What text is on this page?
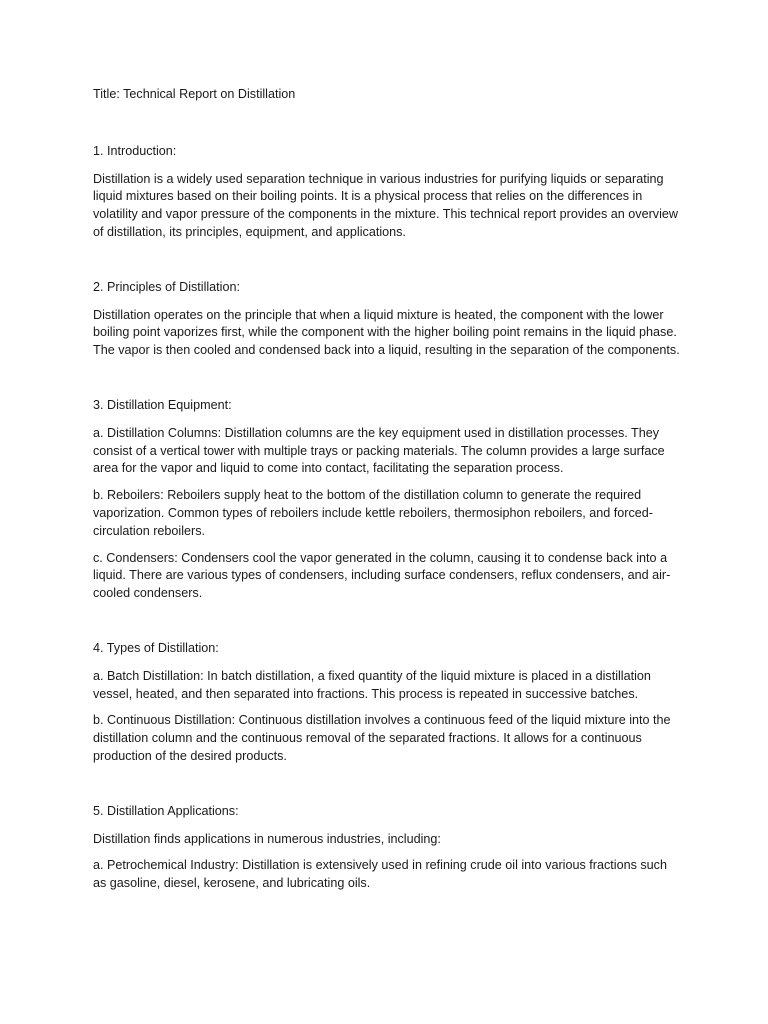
Title: Technical Report on Distillation

1. Introduction:

Distillation is a widely used separation technique in various industries for purifying liquids or separating liquid mixtures based on their boiling points. It is a physical process that relies on the differences in volatility and vapor pressure of the components in the mixture. This technical report provides an overview of distillation, its principles, equipment, and applications.

2. Principles of Distillation:

Distillation operates on the principle that when a liquid mixture is heated, the component with the lower boiling point vaporizes first, while the component with the higher boiling point remains in the liquid phase. The vapor is then cooled and condensed back into a liquid, resulting in the separation of the components.

3. Distillation Equipment:

a. Distillation Columns: Distillation columns are the key equipment used in distillation processes. They consist of a vertical tower with multiple trays or packing materials. The column provides a large surface area for the vapor and liquid to come into contact, facilitating the separation process.

b. Reboilers: Reboilers supply heat to the bottom of the distillation column to generate the required vaporization. Common types of reboilers include kettle reboilers, thermosiphon reboilers, and forced-circulation reboilers.

c. Condensers: Condensers cool the vapor generated in the column, causing it to condense back into a liquid. There are various types of condensers, including surface condensers, reflux condensers, and air-cooled condensers.

4. Types of Distillation:

a. Batch Distillation: In batch distillation, a fixed quantity of the liquid mixture is placed in a distillation vessel, heated, and then separated into fractions. This process is repeated in successive batches.

b. Continuous Distillation: Continuous distillation involves a continuous feed of the liquid mixture into the distillation column and the continuous removal of the separated fractions. It allows for a continuous production of the desired products.

5. Distillation Applications:

Distillation finds applications in numerous industries, including:

a. Petrochemical Industry: Distillation is extensively used in refining crude oil into various fractions such as gasoline, diesel, kerosene, and lubricating oils.
